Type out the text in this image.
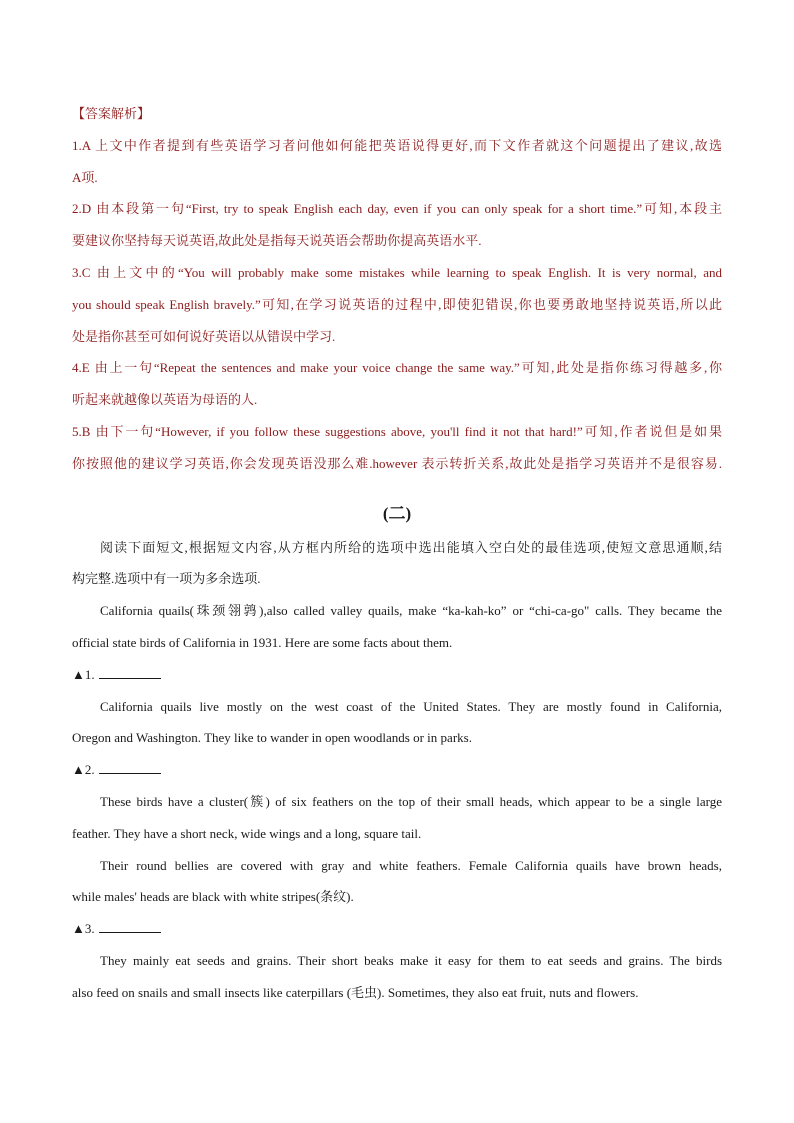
【答案解析】
1.A 上文中作者提到有些英语学习者问他如何能把英语说得更好,而下文作者就这个问题提出了建议,故选
A项.
2.D 由本段第一句“First, try to speak English each day, even if you can only speak for a short time.”可知,本段主
要建议你坚持每天说英语,故此处是指每天说英语会帮助你提高英语水平.
3.C 由上文中的“You will probably make some mistakes while learning to speak English. It is very normal, and
you should speak English bravely.”可知,在学习说英语的过程中,即使犯错误,你也要勇敢地坚持说英语,所以此
处是指你甚至可如何说好英语以从错误中学习.
4.E 由上一句“Repeat the sentences and make your voice change the same way.”可知,此处是指你练习得越多,你
听起来就越像以英语为母语的人.
5.B 由下一句“However, if you follow these suggestions above, you'll find it not that hard!”可知,作者说但是如果
你按照他的建议学习英语,你会发现英语没那么难.however 表示转折关系,故此处是指学习英语并不是很容易.
(二)
阅读下面短文,根据短文内容,从方框内所给的选项中选出能填入空白处的最佳选项,使短文意思通顺,结
构完整.选项中有一项为多余选项.
California quails(珠颈翎鹑),also called valley quails, make “ka-kah-ko” or “chi-ca-go" calls. They became the
official state birds of California in 1931. Here are some facts about them.
▲1.
California quails live mostly on the west coast of the United States. They are mostly found in California,
Oregon and Washington. They like to wander in open woodlands or in parks.
▲2.
These birds have a cluster(簇) of six feathers on the top of their small heads, which appear to be a single large
feather. They have a short neck, wide wings and a long, square tail.
Their round bellies are covered with gray and white feathers. Female California quails have brown heads,
while males' heads are black with white stripes(条纹).
▲3.
They mainly eat seeds and grains. Their short beaks make it easy for them to eat seeds and grains. The birds
also feed on snails and small insects like caterpillars (毛虫). Sometimes, they also eat fruit, nuts and flowers.
